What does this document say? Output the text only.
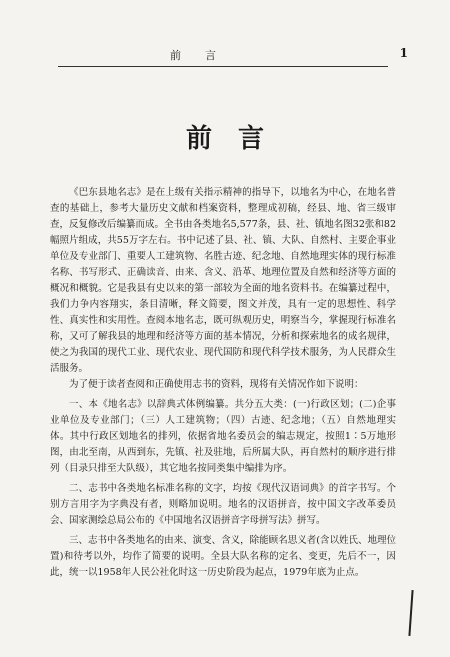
前言	1
前言

《巴东县地名志》是在上级有关指示精神的指导下，以地名为中心，在地名普查的基础上，参考大量历史文献和档案资料，整理成初稿，经县、地、省三级审查，反复修改后编纂而成。全书由各类地名5,577条，县、社、镇地名图32张和82幅照片组成，共55万字左右。书中记述了县、社、镇、大队、自然村、主要企事业单位及专业部门、重要人工建筑物、名胜古迹、纪念地、自然地理实体的现行标准名称、书写形式、正确读音、由来、含义、沿革、地理位置及自然和经济等方面的概况和概貌。它是我县有史以来的第一部较为全面的地名资料书。在编纂过程中，我们力争内容翔实，条目清晰，释文简要，图文并茂，具有一定的思想性、科学性、真实性和实用性。查阅本地名志，既可纵观历史，明察当今，掌握现行标准名称，又可了解我县的地理和经济等方面的基本情况，分析和探索地名的成名规律，使之为我国的现代工业、现代农业、现代国防和现代科学技术服务，为人民群众生活服务。

为了便于读者查阅和正确使用志书的资料，现将有关情况作如下说明：

一、本《地名志》以辞典式体例编纂。共分五大类：(一)行政区划；(二)企事业单位及专业部门；（三）人工建筑物；（四）古迹、纪念地；（五）自然地理实体。其中行政区划地名的排列，依据省地名委员会的编志规定，按照1∶5万地形图，由北至南，从西到东，先镇、社及驻地，后所属大队，再自然村的顺序进行排列（目录只排至大队级），其它地名按同类集中编排为序。

二、志书中各类地名标准名称的文字，均按《现代汉语词典》的首字书写。个别方言用字为字典没有者，则略加说明。地名的汉语拼音，按中国文字改革委员会、国家测绘总局公布的《中国地名汉语拼音字母拼写法》拼写。

三、志书中各类地名的由来、演变、含义，除能顾名思义者(含以姓氏、地理位置)和待考以外，均作了简要的说明。全县大队名称的定名、变更，先后不一，因此，统一以1958年人民公社化时这一历史阶段为起点，1979年底为止点。
